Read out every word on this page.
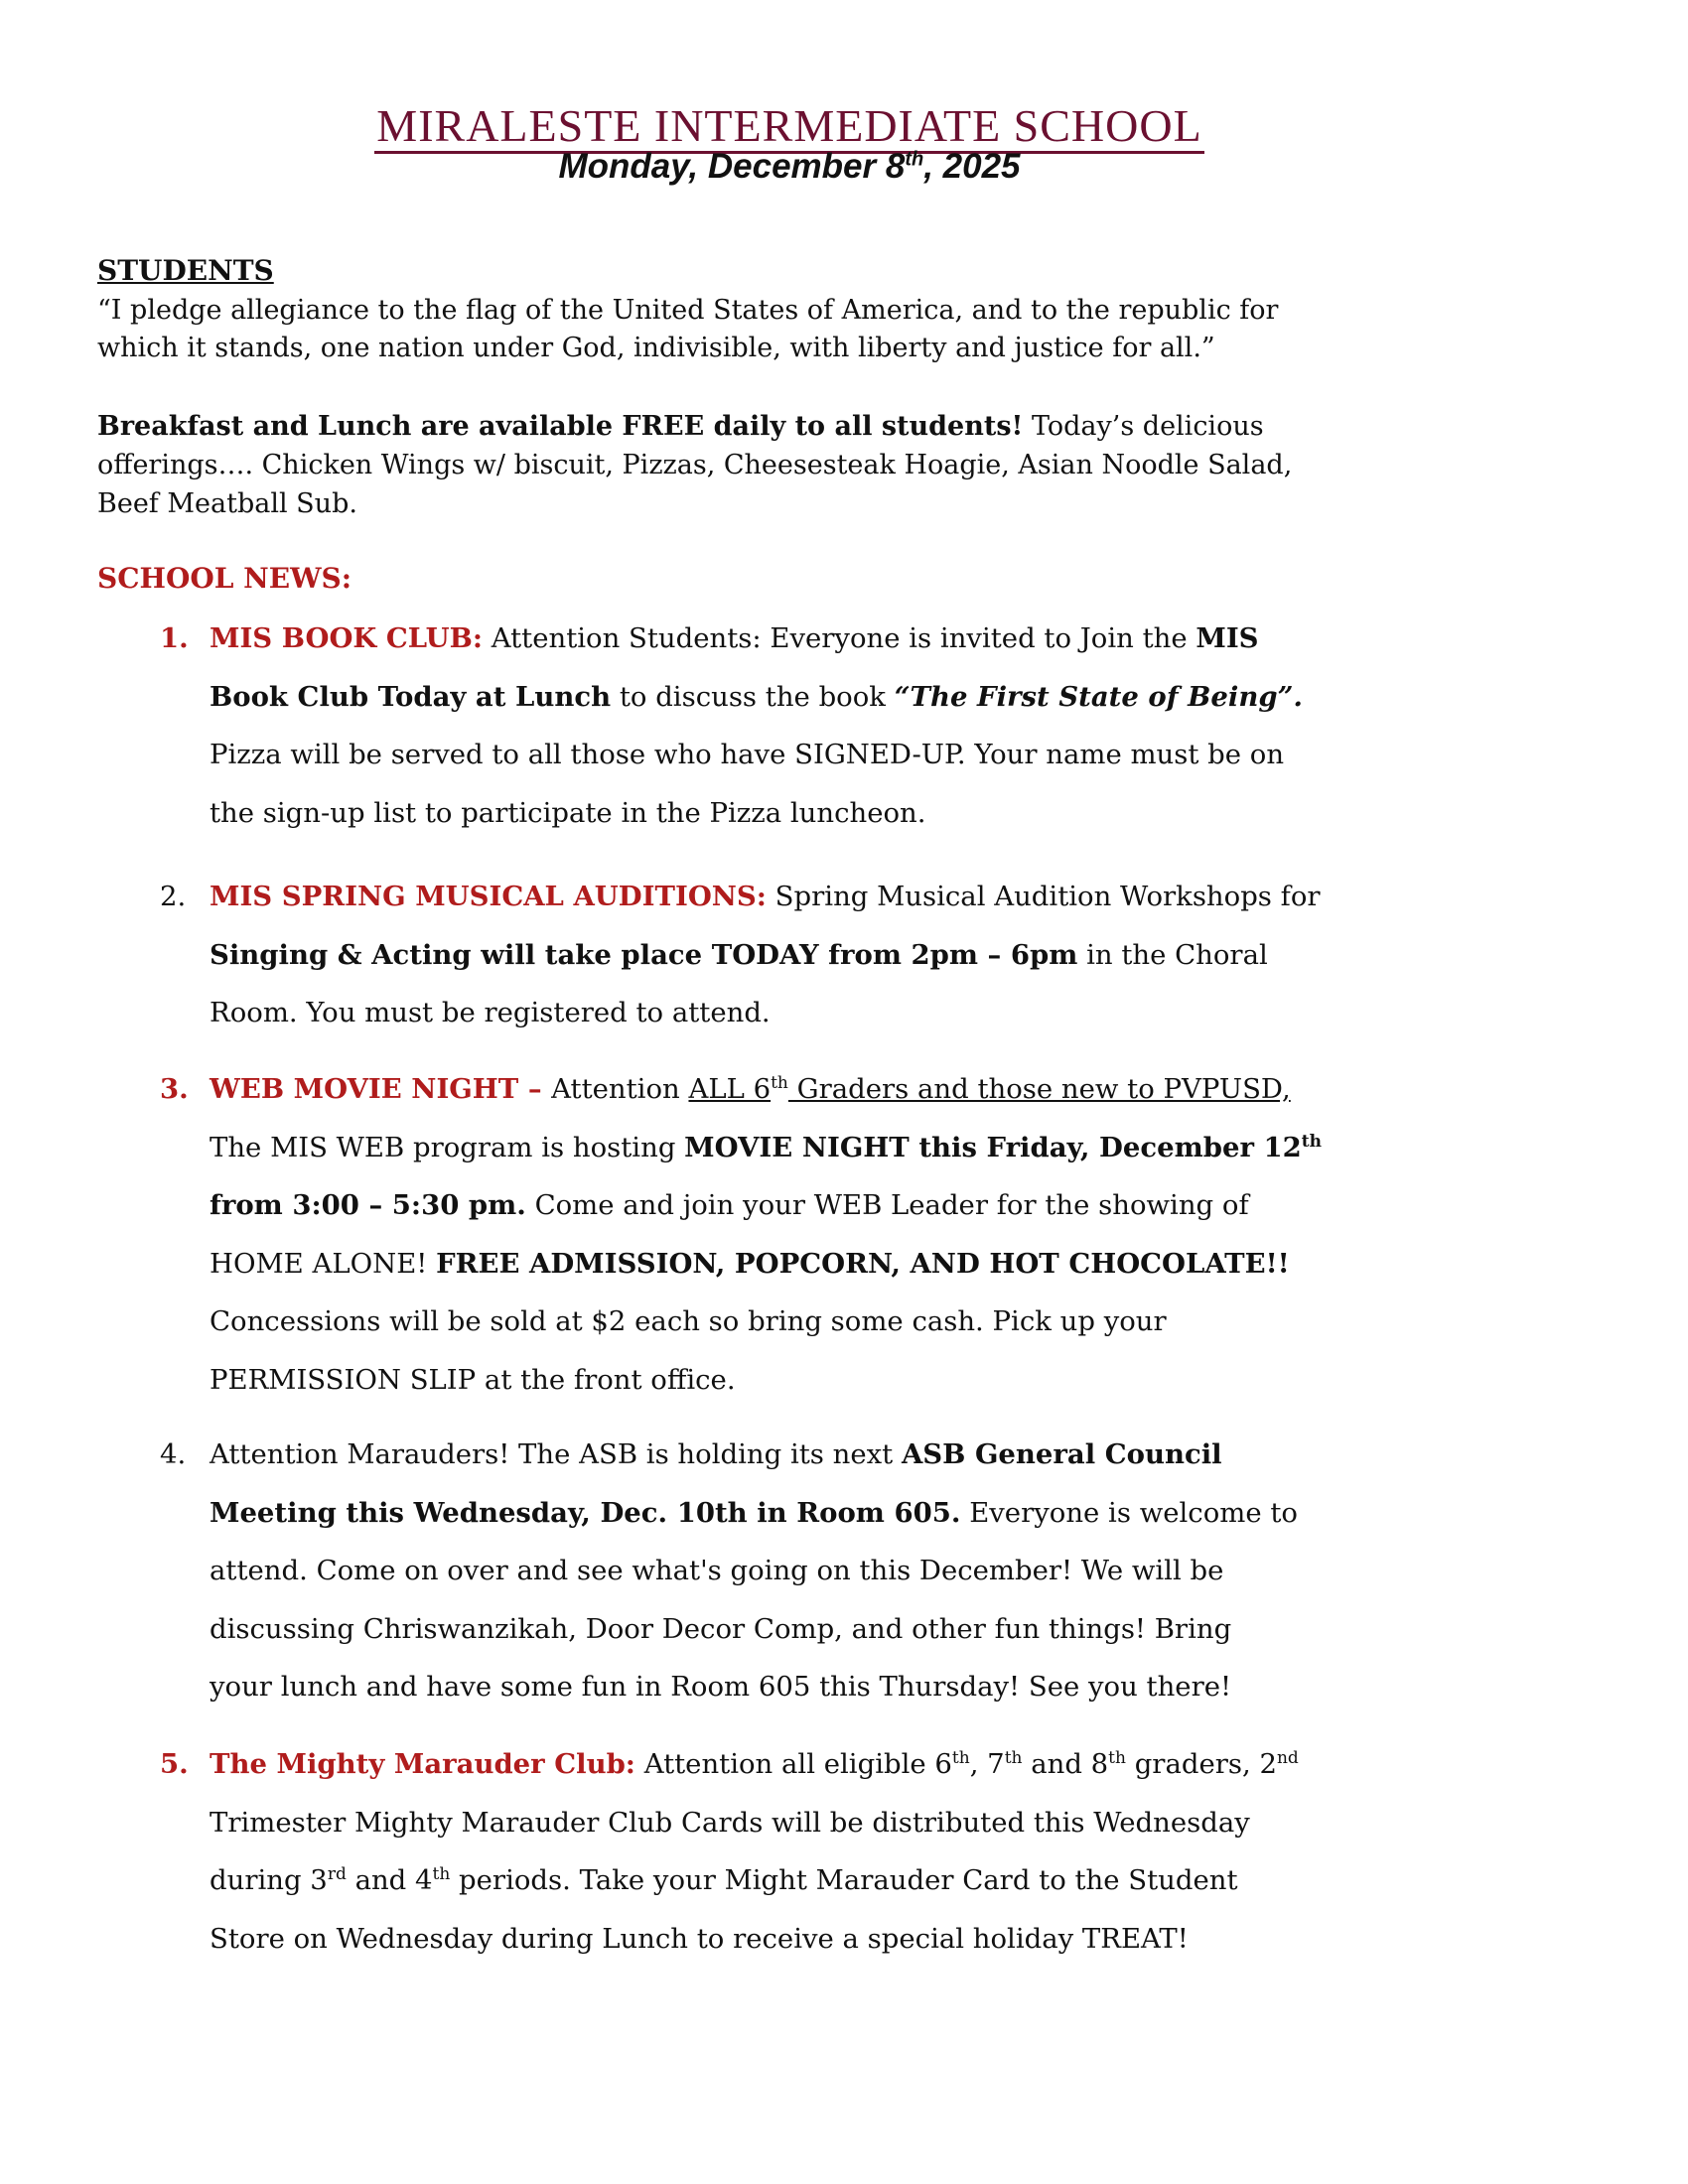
MIRALESTE INTERMEDIATE SCHOOL
Monday, December 8th, 2025
STUDENTS
“I pledge allegiance to the flag of the United States of America, and to the republic for
which it stands, one nation under God, indivisible, with liberty and justice for all.”
Breakfast and Lunch are available FREE daily to all students! Today’s delicious
offerings…. Chicken Wings w/ biscuit, Pizzas, Cheesesteak Hoagie, Asian Noodle Salad,
Beef Meatball Sub.
SCHOOL NEWS:
1. MIS BOOK CLUB: Attention Students: Everyone is invited to Join the MIS
Book Club Today at Lunch to discuss the book “The First State of Being”.
Pizza will be served to all those who have SIGNED-UP. Your name must be on
the sign-up list to participate in the Pizza luncheon.
2. MIS SPRING MUSICAL AUDITIONS: Spring Musical Audition Workshops for
Singing & Acting will take place TODAY from 2pm – 6pm in the Choral
Room. You must be registered to attend.
3. WEB MOVIE NIGHT – Attention ALL 6th Graders and those new to PVPUSD,
The MIS WEB program is hosting MOVIE NIGHT this Friday, December 12th
from 3:00 – 5:30 pm. Come and join your WEB Leader for the showing of
HOME ALONE! FREE ADMISSION, POPCORN, AND HOT CHOCOLATE!!
Concessions will be sold at $2 each so bring some cash. Pick up your
PERMISSION SLIP at the front office.
4. Attention Marauders! The ASB is holding its next ASB General Council
Meeting this Wednesday, Dec. 10th in Room 605. Everyone is welcome to
attend. Come on over and see what's going on this December! We will be
discussing Chriswanzikah, Door Decor Comp, and other fun things! Bring
your lunch and have some fun in Room 605 this Thursday! See you there!
5. The Mighty Marauder Club: Attention all eligible 6th, 7th and 8th graders, 2nd
Trimester Mighty Marauder Club Cards will be distributed this Wednesday
during 3rd and 4th periods. Take your Might Marauder Card to the Student
Store on Wednesday during Lunch to receive a special holiday TREAT!
